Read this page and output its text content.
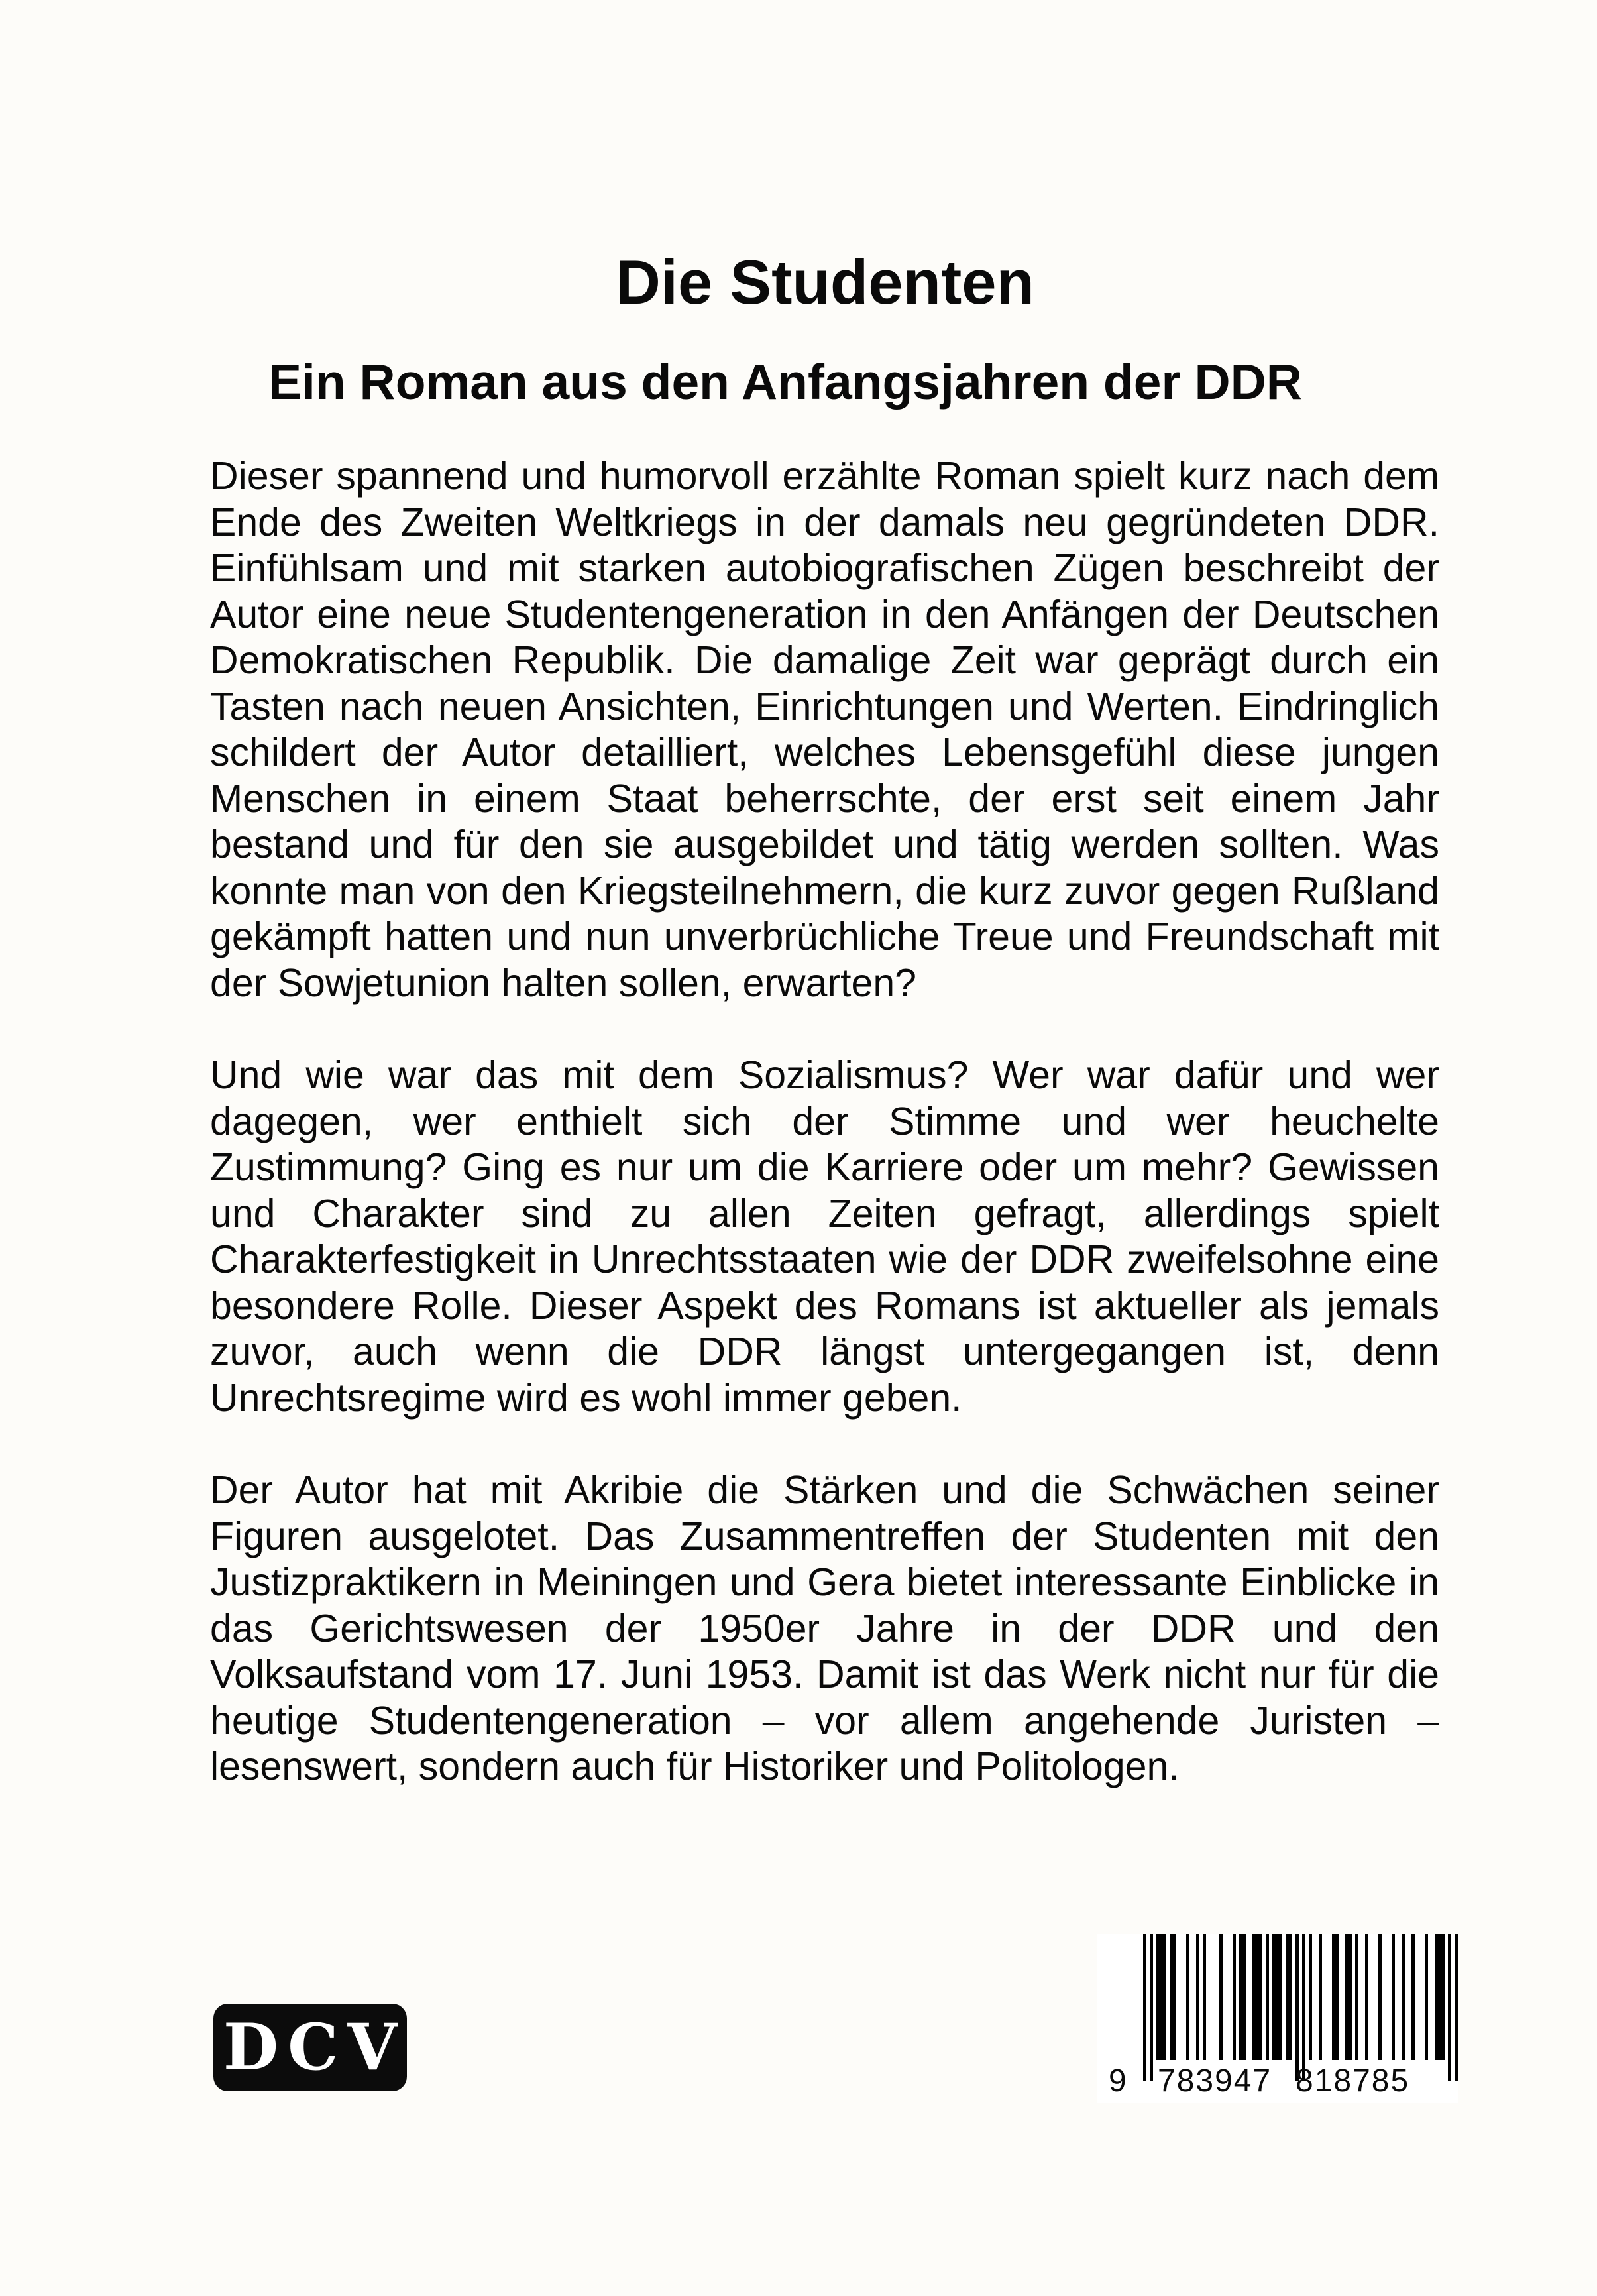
Die Studenten
Ein Roman aus den Anfangsjahren der DDR

Dieser spannend und humorvoll erzählte Roman spielt kurz nach dem Ende des Zweiten Weltkriegs in der damals neu gegründeten DDR. Einfühlsam und mit starken autobiografischen Zügen beschreibt der Autor eine neue Studentengeneration in den Anfängen der Deutschen Demokratischen Republik. Die damalige Zeit war geprägt durch ein Tasten nach neuen Ansichten, Einrichtungen und Werten. Eindringlich schildert der Autor detailliert, welches Lebensgefühl diese jungen Menschen in einem Staat beherrschte, der erst seit einem Jahr bestand und für den sie ausgebildet und tätig werden sollten. Was konnte man von den Kriegsteilnehmern, die kurz zuvor gegen Rußland gekämpft hatten und nun unverbrüchliche Treue und Freundschaft mit der Sowjetunion halten sollen, erwarten?

Und wie war das mit dem Sozialismus? Wer war dafür und wer dagegen, wer enthielt sich der Stimme und wer heuchelte Zustimmung? Ging es nur um die Karriere oder um mehr? Gewissen und Charakter sind zu allen Zeiten gefragt, allerdings spielt Charakterfestigkeit in Unrechtsstaaten wie der DDR zweifelsohne eine besondere Rolle. Dieser Aspekt des Romans ist aktueller als jemals zuvor, auch wenn die DDR längst untergegangen ist, denn Unrechtsregime wird es wohl immer geben.

Der Autor hat mit Akribie die Stärken und die Schwächen seiner Figuren ausgelotet. Das Zusammentreffen der Studenten mit den Justizpraktikern in Meiningen und Gera bietet interessante Einblicke in das Gerichtswesen der 1950er Jahre in der DDR und den Volksaufstand vom 17. Juni 1953. Damit ist das Werk nicht nur für die heutige Studentengeneration – vor allem angehende Juristen – lesenswert, sondern auch für Historiker und Politologen.

DCV	9 783947 818785
